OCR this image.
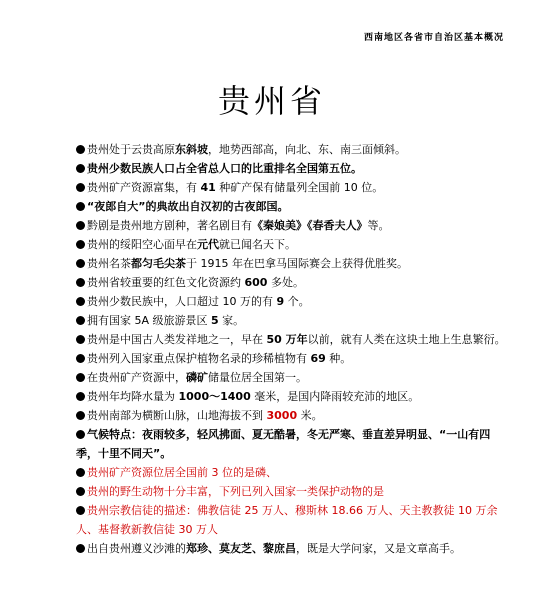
西南地区各省市自治区基本概况
贵州省

贵州处于云贵高原东斜坡，地势西部高，向北、东、南三面倾斜。

贵州少数民族人口占全省总人口的比重排名全国第五位。

贵州矿产资源富集，有 41 种矿产保有储量列全国前 10 位。

“夜郎自大”的典故出自汉初的古夜郎国。

黔剧是贵州地方剧种，著名剧目有《秦娘美》《春香夫人》等。

贵州的绥阳空心面早在元代就已闻名天下。

贵州名茶都匀毛尖茶于 1915 年在巴拿马国际赛会上获得优胜奖。

贵州省较重要的红色文化资源约 600 多处。

贵州少数民族中，人口超过 10 万的有 9 个。

拥有国家 5A 级旅游景区 5 家。

贵州是中国古人类发祥地之一，早在 50 万年以前，就有人类在这块土地上生息繁衍。

贵州列入国家重点保护植物名录的珍稀植物有 69 种。

在贵州矿产资源中，磷矿储量位居全国第一。

贵州年均降水量为 1000～1400 毫米，是国内降雨较充沛的地区。

贵州南部为横断山脉，山地海拔不到 3000 米。

气候特点：夜雨较多，轻风拂面、夏无酷暑，冬无严寒、垂直差异明显、“一山有四季，十里不同天”。

贵州矿产资源位居全国前 3 位的是磷、

贵州的野生动物十分丰富，下列已列入国家一类保护动物的是

贵州宗教信徒的描述：佛教信徒 25 万人、穆斯林 18.66 万人、天主教教徒 10 万余人、基督教新教信徒 30 万人

出自贵州遵义沙滩的郑珍、莫友芝、黎庶昌，既是大学问家，又是文章高手。
